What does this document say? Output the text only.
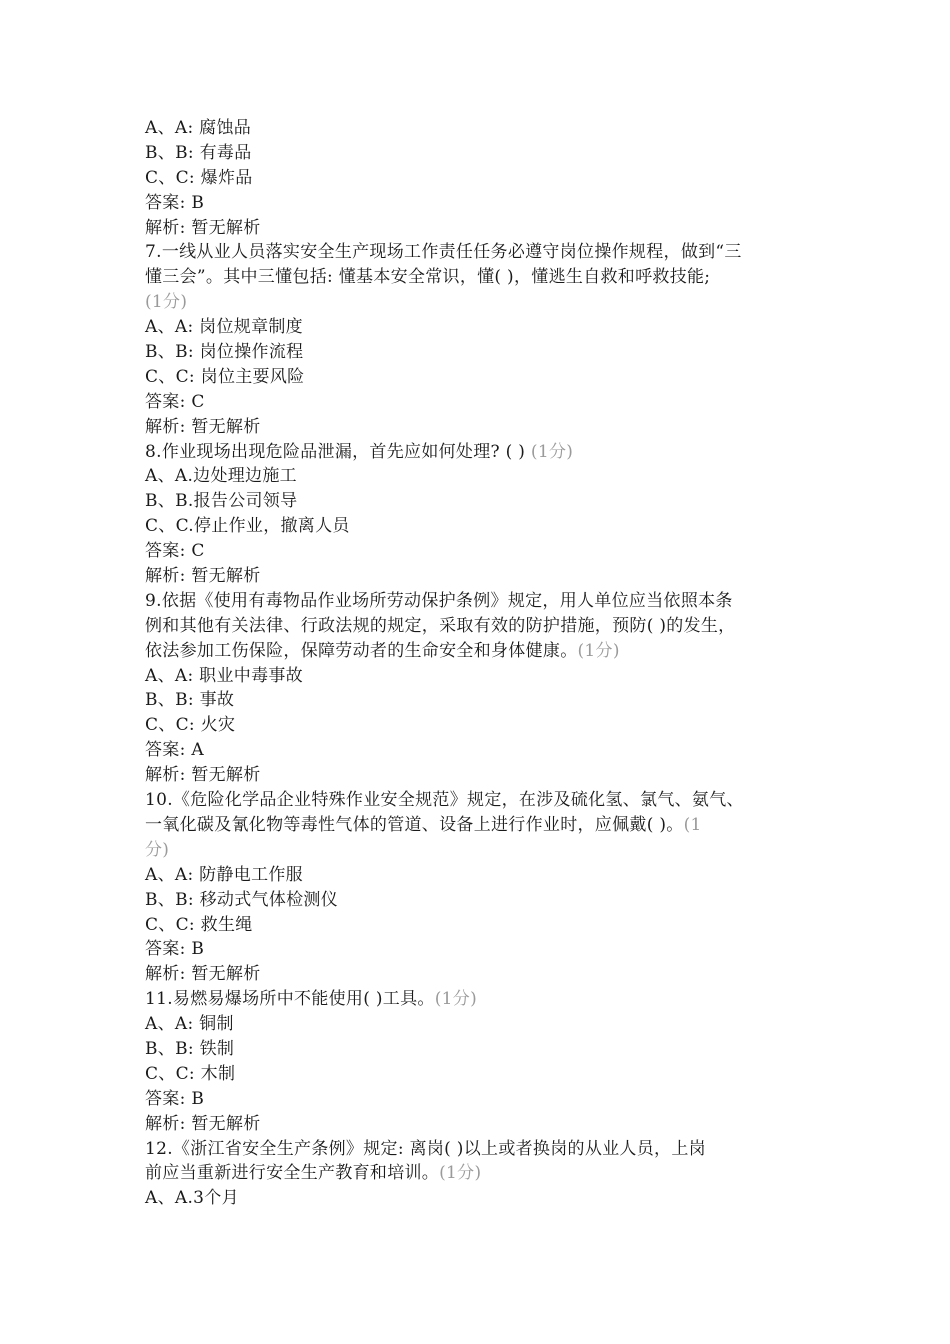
A、A: 腐蚀品
B、B: 有毒品
C、C: 爆炸品
答案: B
解析: 暂无解析
7.一线从业人员落实安全生产现场工作责任任务必遵守岗位操作规程，做到“三
懂三会”。其中三懂包括: 懂基本安全常识，懂( )，懂逃生自救和呼救技能;
(1分)
A、A: 岗位规章制度
B、B: 岗位操作流程
C、C: 岗位主要风险
答案: C
解析: 暂无解析
8.作业现场出现危险品泄漏，首先应如何处理? ( ) (1分)
A、A.边处理边施工
B、B.报告公司领导
C、C.停止作业，撤离人员
答案: C
解析: 暂无解析
9.依据《使用有毒物品作业场所劳动保护条例》规定，用人单位应当依照本条
例和其他有关法律、行政法规的规定，采取有效的防护措施，预防( )的发生，
依法参加工伤保险，保障劳动者的生命安全和身体健康。(1分)
A、A: 职业中毒事故
B、B: 事故
C、C: 火灾
答案: A
解析: 暂无解析
10.《危险化学品企业特殊作业安全规范》规定，在涉及硫化氢、氯气、氨气、
一氧化碳及氰化物等毒性气体的管道、设备上进行作业时，应佩戴( )。(1
分)
A、A: 防静电工作服
B、B: 移动式气体检测仪
C、C: 救生绳
答案: B
解析: 暂无解析
11.易燃易爆场所中不能使用( )工具。(1分)
A、A: 铜制
B、B: 铁制
C、C: 木制
答案: B
解析: 暂无解析
12.《浙江省安全生产条例》规定: 离岗( )以上或者换岗的从业人员，上岗
前应当重新进行安全生产教育和培训。(1分)
A、A.3个月
